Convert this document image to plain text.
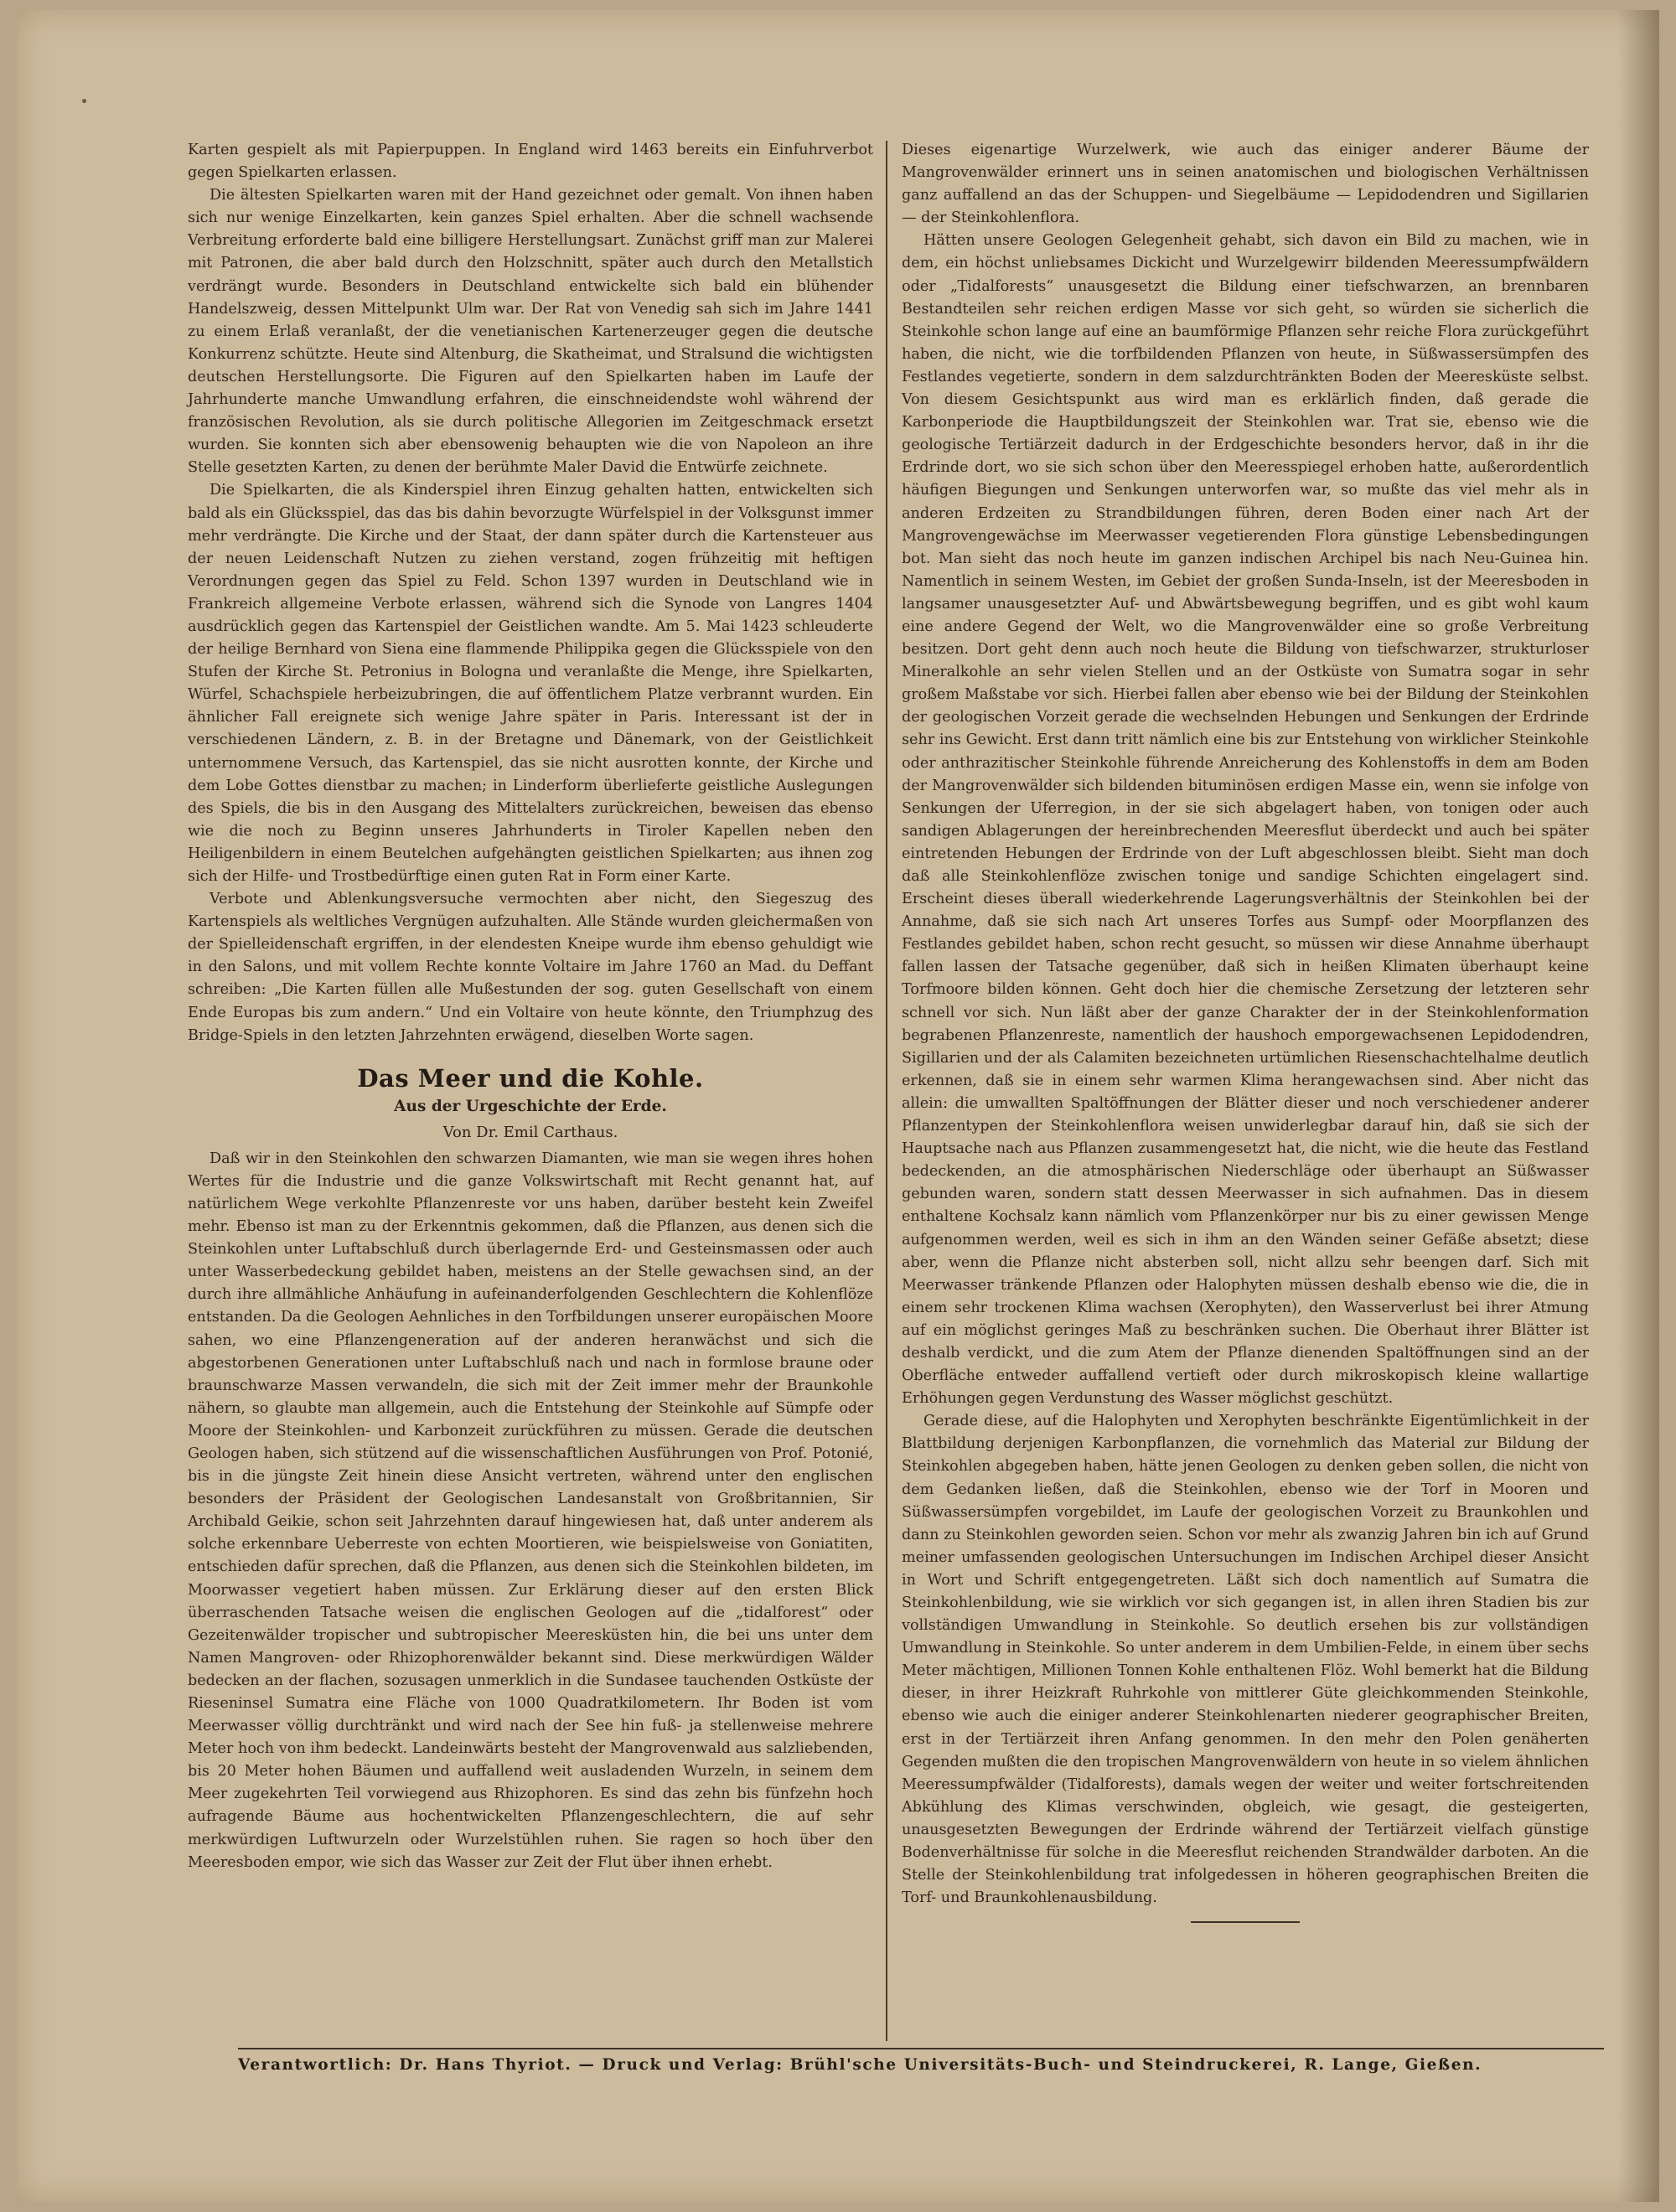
Karten gespielt als mit Papierpuppen. In England wird 1463 bereits ein Einfuhrverbot gegen Spielkarten erlassen.

Die ältesten Spielkarten waren mit der Hand gezeichnet oder gemalt. Von ihnen haben sich nur wenige Einzelkarten, kein ganzes Spiel erhalten. Aber die schnell wachsende Verbreitung erforderte bald eine billigere Herstellungsart. Zunächst griff man zur Malerei mit Patronen, die aber bald durch den Holzschnitt, später auch durch den Metallstich verdrängt wurde. Besonders in Deutschland entwickelte sich bald ein blühender Handelszweig, dessen Mittelpunkt Ulm war. Der Rat von Venedig sah sich im Jahre 1441 zu einem Erlaß veranlaßt, der die venetianischen Kartenerzeuger gegen die deutsche Konkurrenz schützte. Heute sind Altenburg, die Skatheimat, und Stralsund die wichtigsten deutschen Herstellungsorte. Die Figuren auf den Spielkarten haben im Laufe der Jahrhunderte manche Umwandlung erfahren, die einschneidendste wohl während der französischen Revolution, als sie durch politische Allegorien im Zeitgeschmack ersetzt wurden. Sie konnten sich aber ebensowenig behaupten wie die von Napoleon an ihre Stelle gesetzten Karten, zu denen der berühmte Maler David die Entwürfe zeichnete.

Die Spielkarten, die als Kinderspiel ihren Einzug gehalten hatten, entwickelten sich bald als ein Glücksspiel, das das bis dahin bevorzugte Würfelspiel in der Volksgunst immer mehr verdrängte. Die Kirche und der Staat, der dann später durch die Kartensteuer aus der neuen Leidenschaft Nutzen zu ziehen verstand, zogen frühzeitig mit heftigen Verordnungen gegen das Spiel zu Feld. Schon 1397 wurden in Deutschland wie in Frankreich allgemeine Verbote erlassen, während sich die Synode von Langres 1404 ausdrücklich gegen das Kartenspiel der Geistlichen wandte. Am 5. Mai 1423 schleuderte der heilige Bernhard von Siena eine flammende Philippika gegen die Glücksspiele von den Stufen der Kirche St. Petronius in Bologna und veranlaßte die Menge, ihre Spielkarten, Würfel, Schachspiele herbeizubringen, die auf öffentlichem Platze verbrannt wurden. Ein ähnlicher Fall ereignete sich wenige Jahre später in Paris. Interessant ist der in verschiedenen Ländern, z. B. in der Bretagne und Dänemark, von der Geistlichkeit unternommene Versuch, das Kartenspiel, das sie nicht ausrotten konnte, der Kirche und dem Lobe Gottes dienstbar zu machen; in Linderform überlieferte geistliche Auslegungen des Spiels, die bis in den Ausgang des Mittelalters zurückreichen, beweisen das ebenso wie die noch zu Beginn unseres Jahrhunderts in Tiroler Kapellen neben den Heiligenbildern in einem Beutelchen aufgehängten geistlichen Spielkarten; aus ihnen zog sich der Hilfe- und Trostbedürftige einen guten Rat in Form einer Karte.

Verbote und Ablenkungsversuche vermochten aber nicht, den Siegeszug des Kartenspiels als weltliches Vergnügen aufzuhalten. Alle Stände wurden gleichermaßen von der Spielleidenschaft ergriffen, in der elendesten Kneipe wurde ihm ebenso gehuldigt wie in den Salons, und mit vollem Rechte konnte Voltaire im Jahre 1760 an Mad. du Deffant schreiben: „Die Karten füllen alle Mußestunden der sog. guten Gesellschaft von einem Ende Europas bis zum andern.“ Und ein Voltaire von heute könnte, den Triumphzug des Bridge-Spiels in den letzten Jahrzehnten erwägend, dieselben Worte sagen.

Das Meer und die Kohle.
Aus der Urgeschichte der Erde.
Von Dr. Emil Carthaus.

Daß wir in den Steinkohlen den schwarzen Diamanten, wie man sie wegen ihres hohen Wertes für die Industrie und die ganze Volkswirtschaft mit Recht genannt hat, auf natürlichem Wege verkohlte Pflanzenreste vor uns haben, darüber besteht kein Zweifel mehr. Ebenso ist man zu der Erkenntnis gekommen, daß die Pflanzen, aus denen sich die Steinkohlen unter Luftabschluß durch überlagernde Erd- und Gesteinsmassen oder auch unter Wasserbedeckung gebildet haben, meistens an der Stelle gewachsen sind, an der durch ihre allmähliche Anhäufung in aufeinanderfolgenden Geschlechtern die Kohlenflöze entstanden. Da die Geologen Aehnliches in den Torfbildungen unserer europäischen Moore sahen, wo eine Pflanzengeneration auf der anderen heranwächst und sich die abgestorbenen Generationen unter Luftabschluß nach und nach in formlose braune oder braunschwarze Massen verwandeln, die sich mit der Zeit immer mehr der Braunkohle nähern, so glaubte man allgemein, auch die Entstehung der Steinkohle auf Sümpfe oder Moore der Steinkohlen- und Karbonzeit zurückführen zu müssen. Gerade die deutschen Geologen haben, sich stützend auf die wissenschaftlichen Ausführungen von Prof. Potonié, bis in die jüngste Zeit hinein diese Ansicht vertreten, während unter den englischen besonders der Präsident der Geologischen Landesanstalt von Großbritannien, Sir Archibald Geikie, schon seit Jahrzehnten darauf hingewiesen hat, daß unter anderem als solche erkennbare Ueberreste von echten Moortieren, wie beispielsweise von Goniatiten, entschieden dafür sprechen, daß die Pflanzen, aus denen sich die Steinkohlen bildeten, im Moorwasser vegetiert haben müssen. Zur Erklärung dieser auf den ersten Blick überraschenden Tatsache weisen die englischen Geologen auf die „tidalforest“ oder Gezeitenwälder tropischer und subtropischer Meeresküsten hin, die bei uns unter dem Namen Mangroven- oder Rhizophorenwälder bekannt sind. Diese merkwürdigen Wälder bedecken an der flachen, sozusagen unmerklich in die Sundasee tauchenden Ostküste der Rieseninsel Sumatra eine Fläche von 1000 Quadratkilometern. Ihr Boden ist vom Meerwasser völlig durchtränkt und wird nach der See hin fuß- ja stellenweise mehrere Meter hoch von ihm bedeckt. Landeinwärts besteht der Mangrovenwald aus salzliebenden, bis 20 Meter hohen Bäumen und auffallend weit ausladenden Wurzeln, in seinem dem Meer zugekehrten Teil vorwiegend aus Rhizophoren. Es sind das zehn bis fünfzehn hoch aufragende Bäume aus hochentwickelten Pflanzengeschlechtern, die auf sehr merkwürdigen Luftwurzeln oder Wurzelstühlen ruhen. Sie ragen so hoch über den Meeresboden empor, wie sich das Wasser zur Zeit der Flut über ihnen erhebt.

Dieses eigenartige Wurzelwerk, wie auch das einiger anderer Bäume der Mangrovenwälder erinnert uns in seinen anatomischen und biologischen Verhältnissen ganz auffallend an das der Schuppen- und Siegelbäume — Lepidodendren und Sigillarien — der Steinkohlenflora.

Hätten unsere Geologen Gelegenheit gehabt, sich davon ein Bild zu machen, wie in dem, ein höchst unliebsames Dickicht und Wurzelgewirr bildenden Meeressumpfwäldern oder „Tidalforests“ unausgesetzt die Bildung einer tiefschwarzen, an brennbaren Bestandteilen sehr reichen erdigen Masse vor sich geht, so würden sie sicherlich die Steinkohle schon lange auf eine an baumförmige Pflanzen sehr reiche Flora zurückgeführt haben, die nicht, wie die torfbildenden Pflanzen von heute, in Süßwassersümpfen des Festlandes vegetierte, sondern in dem salzdurchtränkten Boden der Meeresküste selbst. Von diesem Gesichtspunkt aus wird man es erklärlich finden, daß gerade die Karbonperiode die Hauptbildungszeit der Steinkohlen war. Trat sie, ebenso wie die geologische Tertiärzeit dadurch in der Erdgeschichte besonders hervor, daß in ihr die Erdrinde dort, wo sie sich schon über den Meeresspiegel erhoben hatte, außerordentlich häufigen Biegungen und Senkungen unterworfen war, so mußte das viel mehr als in anderen Erdzeiten zu Strandbildungen führen, deren Boden einer nach Art der Mangrovengewächse im Meerwasser vegetierenden Flora günstige Lebensbedingungen bot. Man sieht das noch heute im ganzen indischen Archipel bis nach Neu-Guinea hin. Namentlich in seinem Westen, im Gebiet der großen Sunda-Inseln, ist der Meeresboden in langsamer unausgesetzter Auf- und Abwärtsbewegung begriffen, und es gibt wohl kaum eine andere Gegend der Welt, wo die Mangrovenwälder eine so große Verbreitung besitzen. Dort geht denn auch noch heute die Bildung von tiefschwarzer, strukturloser Mineralkohle an sehr vielen Stellen und an der Ostküste von Sumatra sogar in sehr großem Maßstabe vor sich. Hierbei fallen aber ebenso wie bei der Bildung der Steinkohlen der geologischen Vorzeit gerade die wechselnden Hebungen und Senkungen der Erdrinde sehr ins Gewicht. Erst dann tritt nämlich eine bis zur Entstehung von wirklicher Steinkohle oder anthrazitischer Steinkohle führende Anreicherung des Kohlenstoffs in dem am Boden der Mangrovenwälder sich bildenden bituminösen erdigen Masse ein, wenn sie infolge von Senkungen der Uferregion, in der sie sich abgelagert haben, von tonigen oder auch sandigen Ablagerungen der hereinbrechenden Meeresflut überdeckt und auch bei später eintretenden Hebungen der Erdrinde von der Luft abgeschlossen bleibt. Sieht man doch daß alle Steinkohlenflöze zwischen tonige und sandige Schichten eingelagert sind. Erscheint dieses überall wiederkehrende Lagerungsverhältnis der Steinkohlen bei der Annahme, daß sie sich nach Art unseres Torfes aus Sumpf- oder Moorpflanzen des Festlandes gebildet haben, schon recht gesucht, so müssen wir diese Annahme überhaupt fallen lassen der Tatsache gegenüber, daß sich in heißen Klimaten überhaupt keine Torfmoore bilden können. Geht doch hier die chemische Zersetzung der letzteren sehr schnell vor sich. Nun läßt aber der ganze Charakter der in der Steinkohlenformation begrabenen Pflanzenreste, namentlich der haushoch emporgewachsenen Lepidodendren, Sigillarien und der als Calamiten bezeichneten urtümlichen Riesenschachtelhalme deutlich erkennen, daß sie in einem sehr warmen Klima herangewachsen sind. Aber nicht das allein: die umwallten Spaltöffnungen der Blätter dieser und noch verschiedener anderer Pflanzentypen der Steinkohlenflora weisen unwiderlegbar darauf hin, daß sie sich der Hauptsache nach aus Pflanzen zusammengesetzt hat, die nicht, wie die heute das Festland bedeckenden, an die atmosphärischen Niederschläge oder überhaupt an Süßwasser gebunden waren, sondern statt dessen Meerwasser in sich aufnahmen. Das in diesem enthaltene Kochsalz kann nämlich vom Pflanzenkörper nur bis zu einer gewissen Menge aufgenommen werden, weil es sich in ihm an den Wänden seiner Gefäße absetzt; diese aber, wenn die Pflanze nicht absterben soll, nicht allzu sehr beengen darf. Sich mit Meerwasser tränkende Pflanzen oder Halophyten müssen deshalb ebenso wie die, die in einem sehr trockenen Klima wachsen (Xerophyten), den Wasserverlust bei ihrer Atmung auf ein möglichst geringes Maß zu beschränken suchen. Die Oberhaut ihrer Blätter ist deshalb verdickt, und die zum Atem der Pflanze dienenden Spaltöffnungen sind an der Oberfläche entweder auffallend vertieft oder durch mikroskopisch kleine wallartige Erhöhungen gegen Verdunstung des Wasser möglichst geschützt.

Gerade diese, auf die Halophyten und Xerophyten beschränkte Eigentümlichkeit in der Blattbildung derjenigen Karbonpflanzen, die vornehmlich das Material zur Bildung der Steinkohlen abgegeben haben, hätte jenen Geologen zu denken geben sollen, die nicht von dem Gedanken ließen, daß die Steinkohlen, ebenso wie der Torf in Mooren und Süßwassersümpfen vorgebildet, im Laufe der geologischen Vorzeit zu Braunkohlen und dann zu Steinkohlen geworden seien. Schon vor mehr als zwanzig Jahren bin ich auf Grund meiner umfassenden geologischen Untersuchungen im Indischen Archipel dieser Ansicht in Wort und Schrift entgegengetreten. Läßt sich doch namentlich auf Sumatra die Steinkohlenbildung, wie sie wirklich vor sich gegangen ist, in allen ihren Stadien bis zur vollständigen Umwandlung in Steinkohle. So deutlich ersehen bis zur vollständigen Umwandlung in Steinkohle. So unter anderem in dem Umbilien-Felde, in einem über sechs Meter mächtigen, Millionen Tonnen Kohle enthaltenen Flöz. Wohl bemerkt hat die Bildung dieser, in ihrer Heizkraft Ruhrkohle von mittlerer Güte gleichkommenden Steinkohle, ebenso wie auch die einiger anderer Steinkohlenarten niederer geographischer Breiten, erst in der Tertiärzeit ihren Anfang genommen. In den mehr den Polen genäherten Gegenden mußten die den tropischen Mangrovenwäldern von heute in so vielem ähnlichen Meeressumpfwälder (Tidalforests), damals wegen der weiter und weiter fortschreitenden Abkühlung des Klimas verschwinden, obgleich, wie gesagt, die gesteigerten, unausgesetzten Bewegungen der Erdrinde während der Tertiärzeit vielfach günstige Bodenverhältnisse für solche in die Meeresflut reichenden Strandwälder darboten. An die Stelle der Steinkohlenbildung trat infolgedessen in höheren geographischen Breiten die Torf- und Braunkohlenausbildung.

Verantwortlich: Dr. Hans Thyriot. — Druck und Verlag: Brühl'sche Universitäts-Buch- und Steindruckerei, R. Lange, Gießen.
